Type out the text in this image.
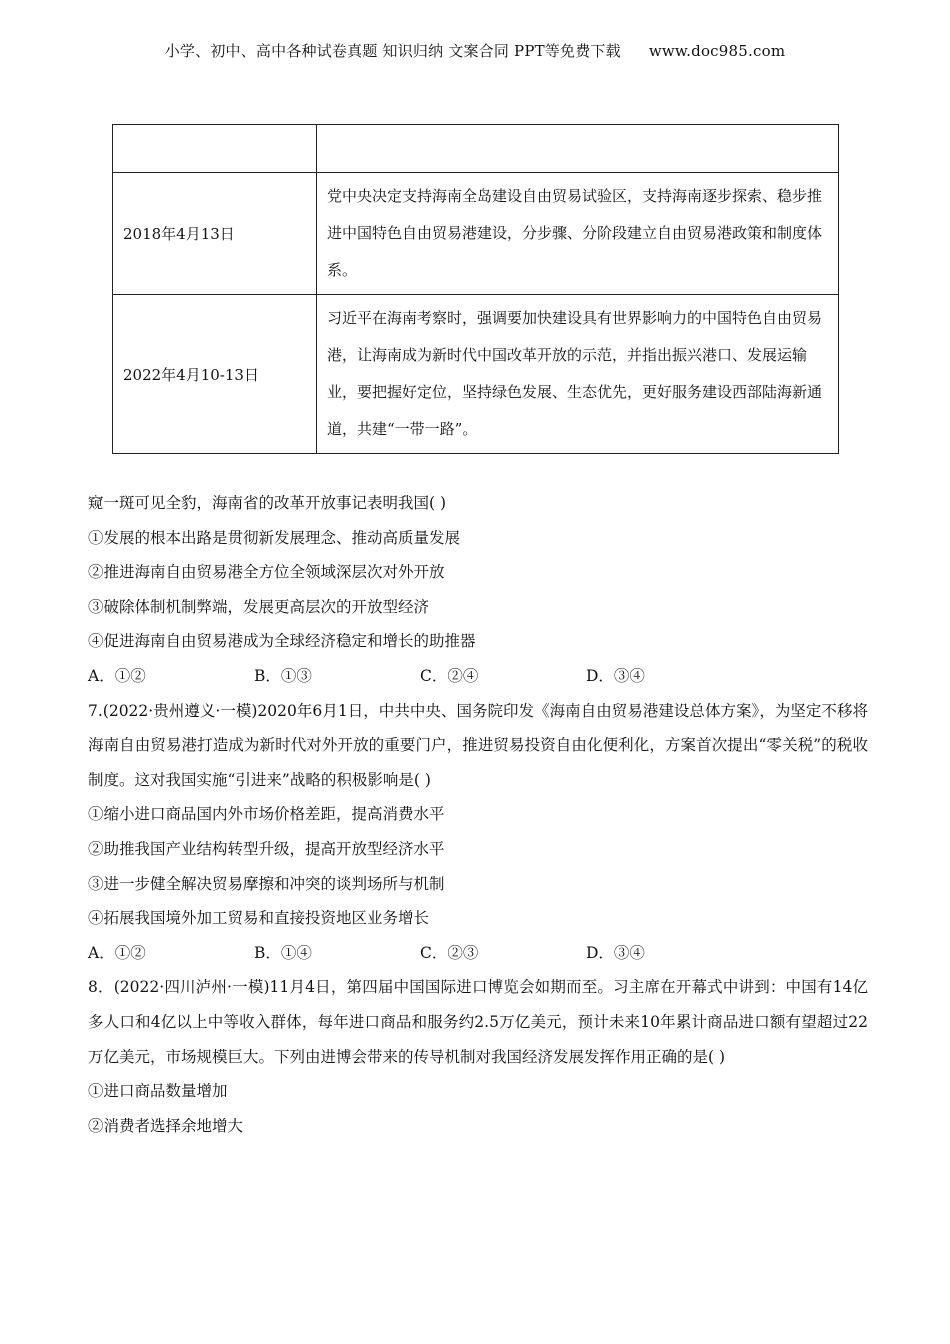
小学、初中、高中各种试卷真题 知识归纳 文案合同 PPT等免费下载 www.doc985.com

2018年4月13日	党中央决定支持海南全岛建设自由贸易试验区，支持海南逐步探索、稳步推进中国特色自由贸易港建设，分步骤、分阶段建立自由贸易港政策和制度体系。
2022年4月10-13日	习近平在海南考察时，强调要加快建设具有世界影响力的中国特色自由贸易港，让海南成为新时代中国改革开放的示范，并指出振兴港口、发展运输业，要把握好定位，坚持绿色发展、生态优先，更好服务建设西部陆海新通道，共建“一带一路”。

窥一斑可见全豹，海南省的改革开放事记表明我国( )

①发展的根本出路是贯彻新发展理念、推动高质量发展

②推进海南自由贸易港全方位全领域深层次对外开放

③破除体制机制弊端，发展更高层次的开放型经济

④促进海南自由贸易港成为全球经济稳定和增长的助推器

A．①②	B．①③	C．②④	D．③④

7.(2022·贵州遵义·一模)2020年6月1日，中共中央、国务院印发《海南自由贸易港建设总体方案》，为坚定不移将海南自由贸易港打造成为新时代对外开放的重要门户，推进贸易投资自由化便利化，方案首次提出“零关税”的税收制度。这对我国实施“引进来”战略的积极影响是( )

①缩小进口商品国内外市场价格差距，提高消费水平

②助推我国产业结构转型升级，提高开放型经济水平

③进一步健全解决贸易摩擦和冲突的谈判场所与机制

④拓展我国境外加工贸易和直接投资地区业务增长

A．①②	B．①④	C．②③	D．③④

8．(2022·四川泸州·一模)11月4日，第四届中国国际进口博览会如期而至。习主席在开幕式中讲到：中国有14亿多人口和4亿以上中等收入群体，每年进口商品和服务约2.5万亿美元，预计未来10年累计商品进口额有望超过22万亿美元，市场规模巨大。下列由进博会带来的传导机制对我国经济发展发挥作用正确的是( )

①进口商品数量增加

②消费者选择余地增大
